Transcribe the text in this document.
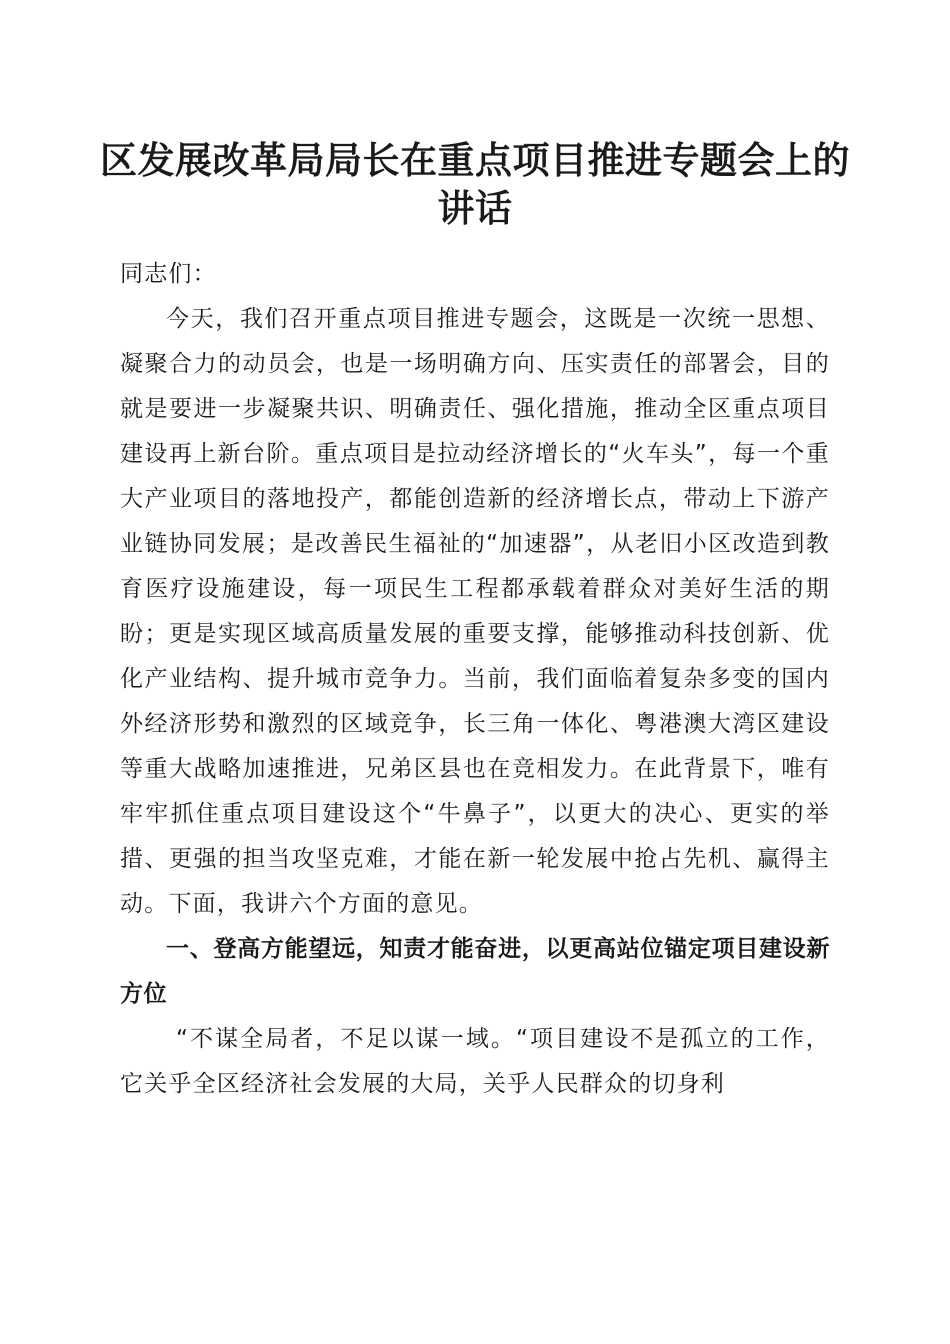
区发展改革局局长在重点项目推进专题会上的讲话

同志们：

今天，我们召开重点项目推进专题会，这既是一次统一思想、凝聚合力的动员会，也是一场明确方向、压实责任的部署会，目的就是要进一步凝聚共识、明确责任、强化措施，推动全区重点项目建设再上新台阶。重点项目是拉动经济增长的“火车头”，每一个重大产业项目的落地投产，都能创造新的经济增长点，带动上下游产业链协同发展；是改善民生福祉的“加速器”，从老旧小区改造到教育医疗设施建设，每一项民生工程都承载着群众对美好生活的期盼；更是实现区域高质量发展的重要支撑，能够推动科技创新、优化产业结构、提升城市竞争力。当前，我们面临着复杂多变的国内外经济形势和激烈的区域竞争，长三角一体化、粤港澳大湾区建设等重大战略加速推进，兄弟区县也在竞相发力。在此背景下，唯有牢牢抓住重点项目建设这个“牛鼻子”，以更大的决心、更实的举措、更强的担当攻坚克难，才能在新一轮发展中抢占先机、赢得主动。下面，我讲六个方面的意见。

一、登高方能望远，知责才能奋进，以更高站位锚定项目建设新方位

“不谋全局者，不足以谋一域。“项目建设不是孤立的工作，它关乎全区经济社会发展的大局，关乎人民群众的切身利
